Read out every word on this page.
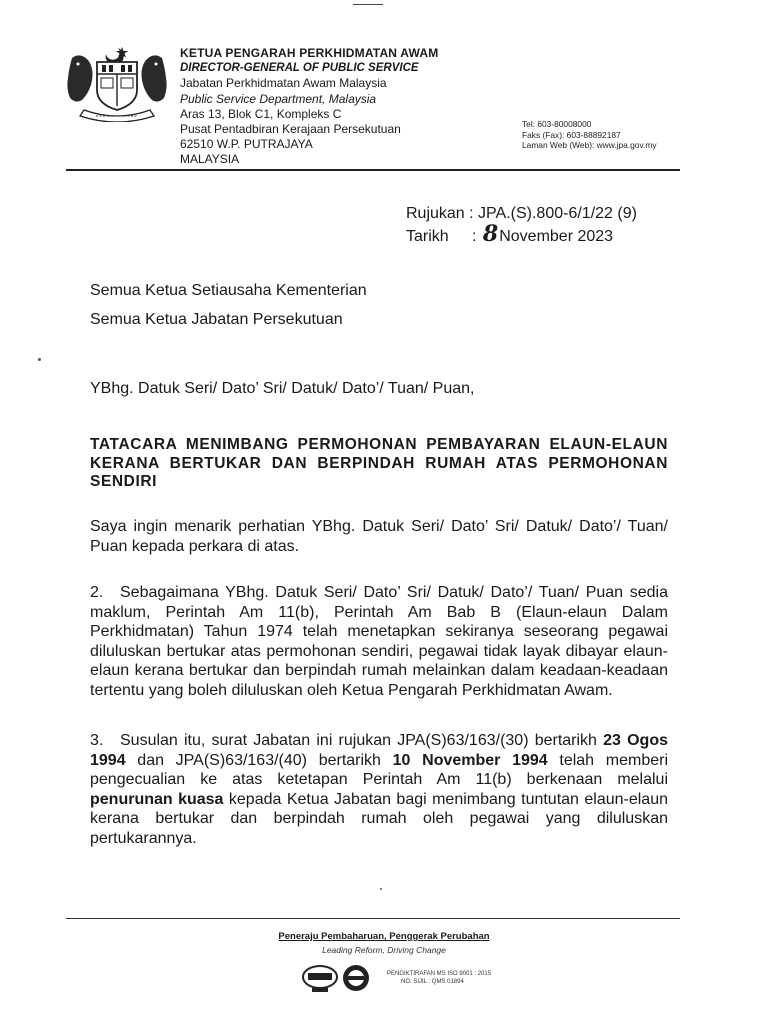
KETUA PENGARAH PERKHIDMATAN AWAM
DIRECTOR-GENERAL OF PUBLIC SERVICE
Jabatan Perkhidmatan Awam Malaysia
Public Service Department, Malaysia
Aras 13, Blok C1, Kompleks C
Pusat Pentadbiran Kerajaan Persekutuan
62510 W.P. PUTRAJAYA
MALAYSIA
Tel: 603-80008000
Faks (Fax): 603-88892187
Laman Web (Web): www.jpa.gov.my
Rujukan : JPA.(S).800-6/1/22 (9)
Tarikh : 8November 2023
Semua Ketua Setiausaha Kementerian
Semua Ketua Jabatan Persekutuan
YBhg. Datuk Seri/ Dato’ Sri/ Datuk/ Dato’/ Tuan/ Puan,
TATACARA MENIMBANG PERMOHONAN PEMBAYARAN ELAUN-ELAUN KERANA BERTUKAR DAN BERPINDAH RUMAH ATAS PERMOHONAN SENDIRI
Saya ingin menarik perhatian YBhg. Datuk Seri/ Dato’ Sri/ Datuk/ Dato’/ Tuan/ Puan kepada perkara di atas.
2. Sebagaimana YBhg. Datuk Seri/ Dato’ Sri/ Datuk/ Dato’/ Tuan/ Puan sedia maklum, Perintah Am 11(b), Perintah Am Bab B (Elaun-elaun Dalam Perkhidmatan) Tahun 1974 telah menetapkan sekiranya seseorang pegawai diluluskan bertukar atas permohonan sendiri, pegawai tidak layak dibayar elaun-elaun kerana bertukar dan berpindah rumah melainkan dalam keadaan-keadaan tertentu yang boleh diluluskan oleh Ketua Pengarah Perkhidmatan Awam.
3. Susulan itu, surat Jabatan ini rujukan JPA(S)63/163/(30) bertarikh 23 Ogos 1994 dan JPA(S)63/163/(40) bertarikh 10 November 1994 telah memberi pengecualian ke atas ketetapan Perintah Am 11(b) berkenaan melalui penurunan kuasa kepada Ketua Jabatan bagi menimbang tuntutan elaun-elaun kerana bertukar dan berpindah rumah oleh pegawai yang diluluskan pertukarannya.
Peneraju Pembaharuan, Penggerak Perubahan
Leading Reform, Driving Change
PENGIKTIRAFAN MS ISO 9001 : 2015
NO. SIJIL : QMS 01894
